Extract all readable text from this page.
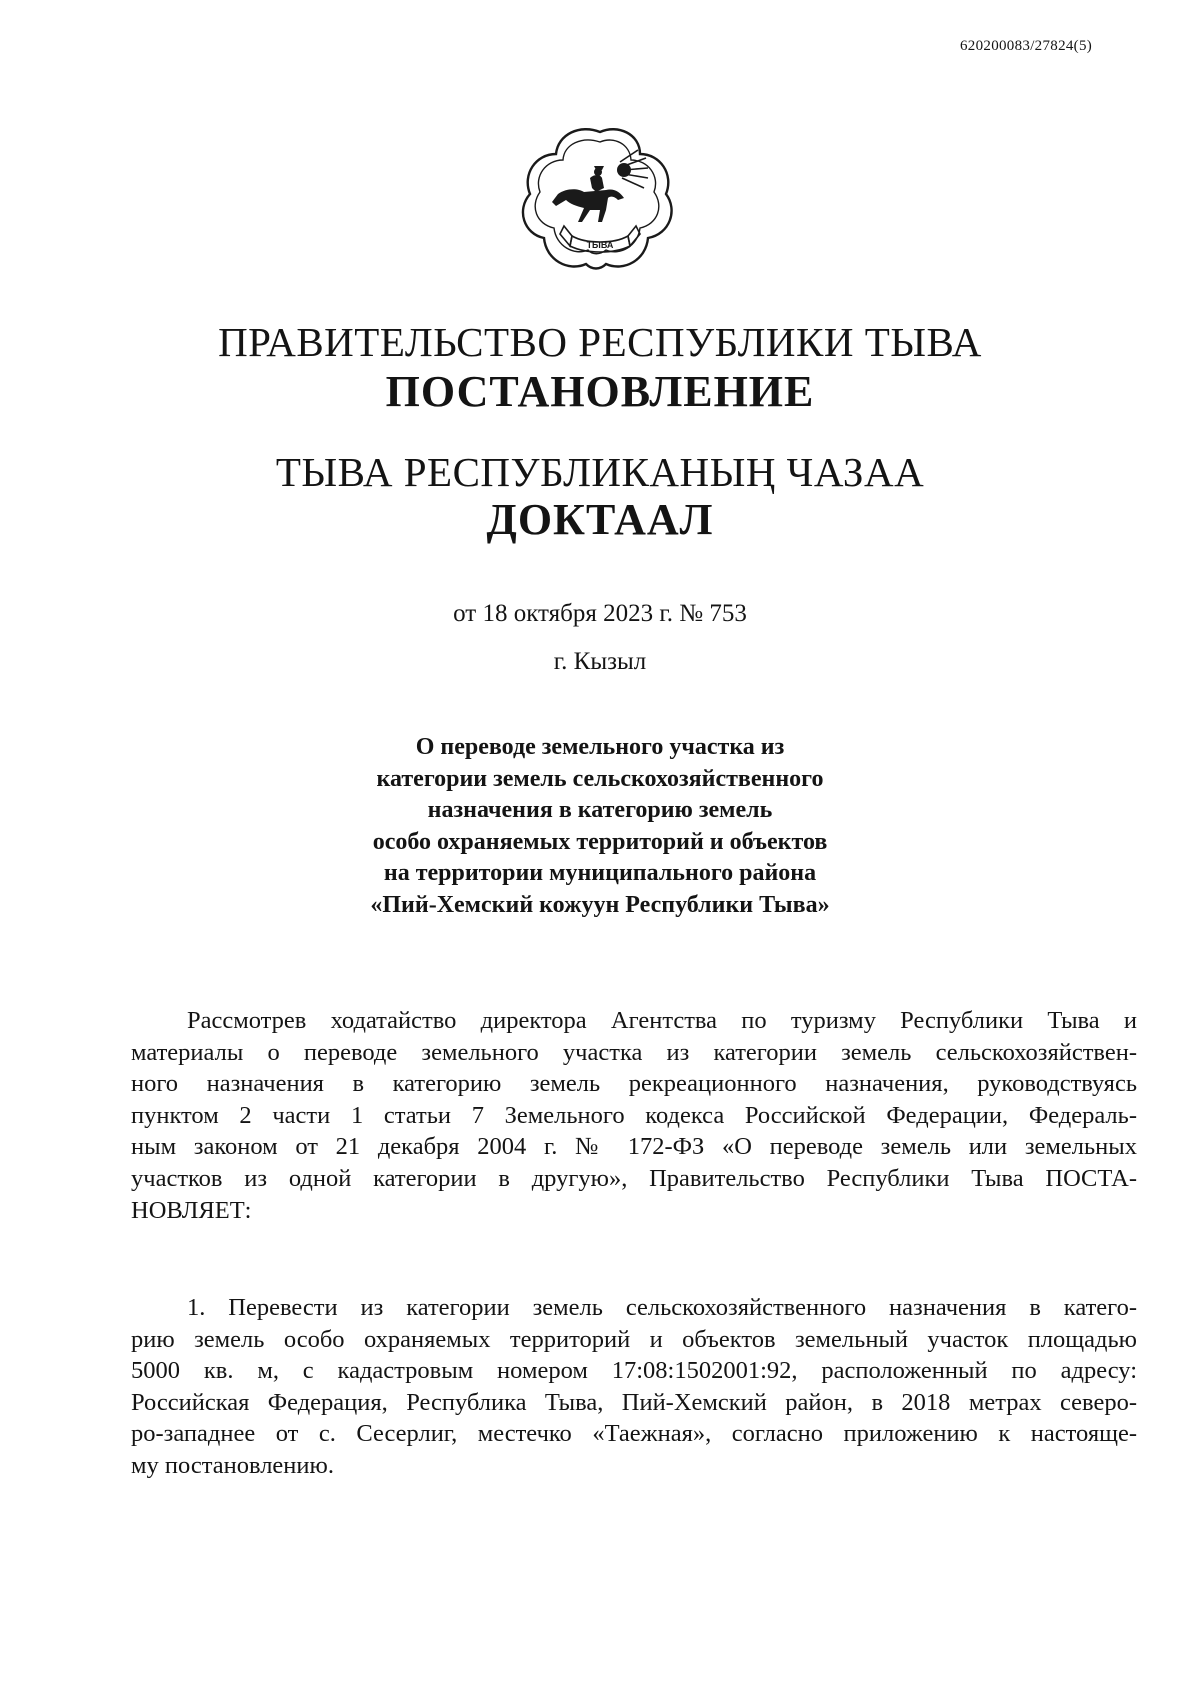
620200083/27824(5)
ТЫВА
ПРАВИТЕЛЬСТВО РЕСПУБЛИКИ ТЫВА
ПОСТАНОВЛЕНИЕ
ТЫВА РЕСПУБЛИКАНЫҢ ЧАЗАА
ДОКТААЛ
от 18 октября 2023 г. № 753
г. Кызыл
О переводе земельного участка из
категории земель сельскохозяйственного
назначения в категорию земель
особо охраняемых территорий и объектов
на территории муниципального района
«Пий-Хемский кожуун Республики Тыва»
Рассмотрев ходатайство директора Агентства по туризму Республики Тыва и
материалы о переводе земельного участка из категории земель сельскохозяйствен-
ного назначения в категорию земель рекреационного назначения, руководствуясь
пунктом 2 части 1 статьи 7 Земельного кодекса Российской Федерации, Федераль-
ным законом от 21 декабря 2004 г. № 172-ФЗ «О переводе земель или земельных
участков из одной категории в другую», Правительство Республики Тыва ПОСТА-
НОВЛЯЕТ:
1. Перевести из категории земель сельскохозяйственного назначения в катего-
рию земель особо охраняемых территорий и объектов земельный участок площадью
5000 кв. м, с кадастровым номером 17:08:1502001:92, расположенный по адресу:
Российская Федерация, Республика Тыва, Пий-Хемский район, в 2018 метрах северо-
ро-западнее от с. Сесерлиг, местечко «Таежная», согласно приложению к настояще-
му постановлению.
